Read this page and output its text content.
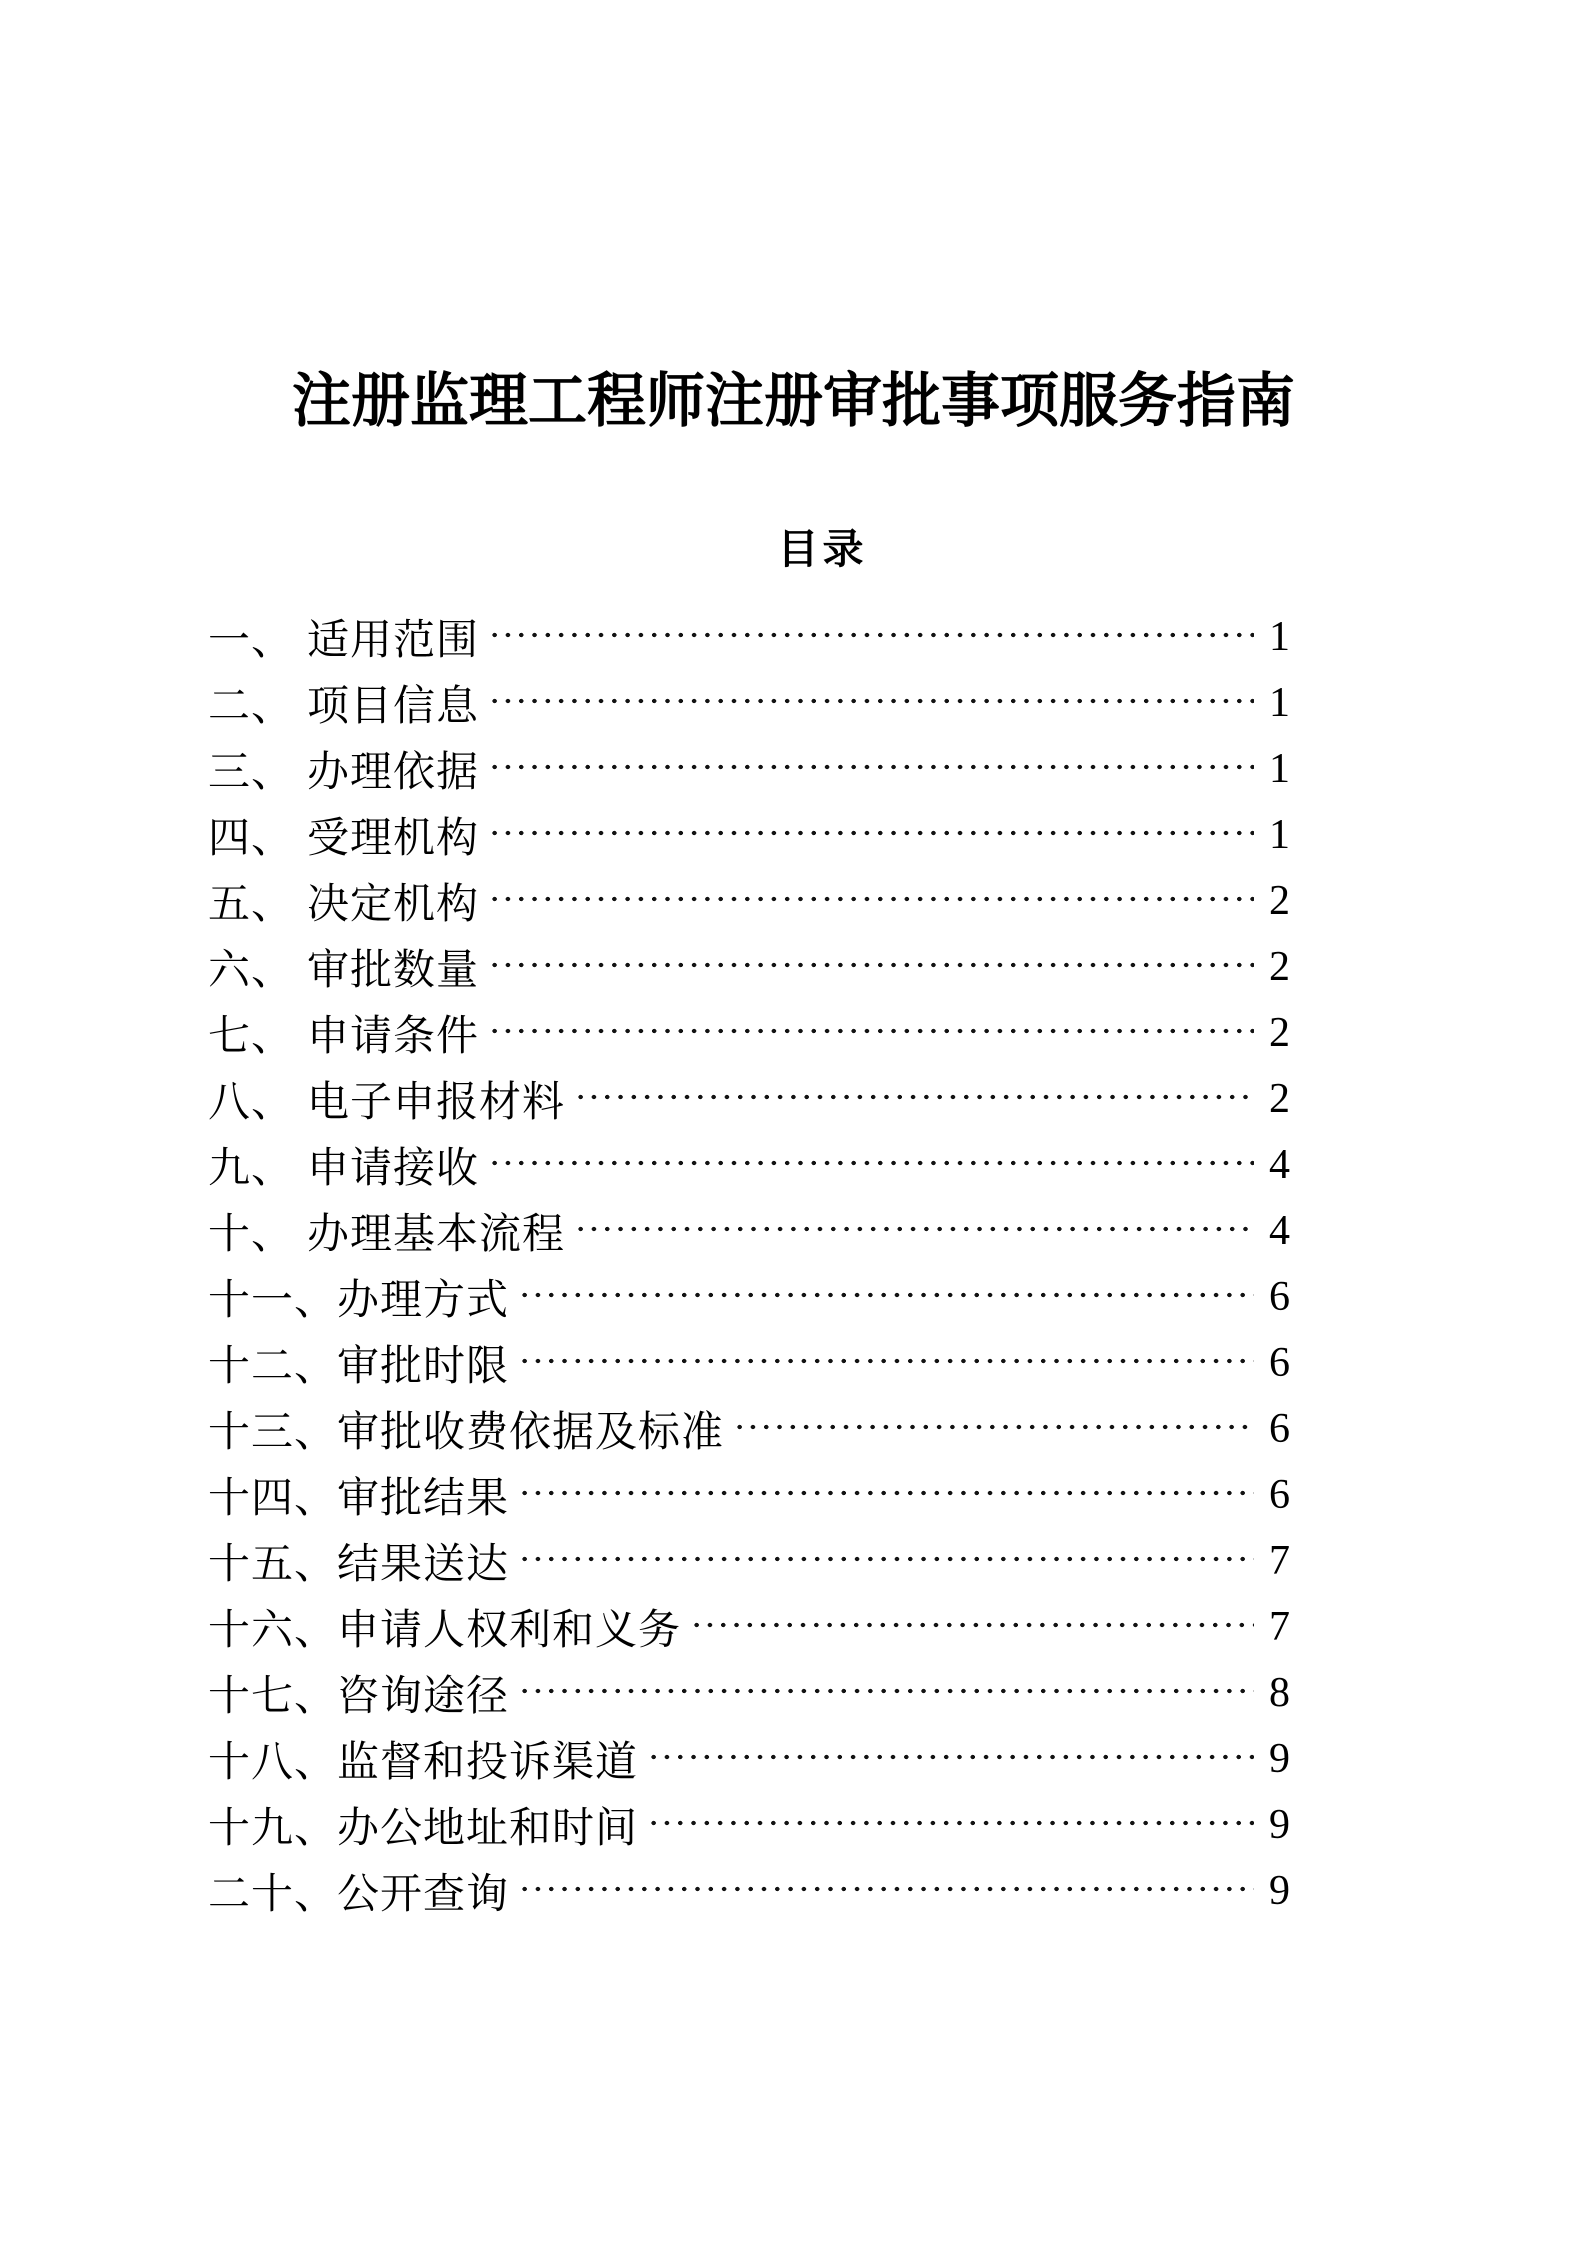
注册监理工程师注册审批事项服务指南
目录
一、 适用范围	1
二、 项目信息	1
三、 办理依据	1
四、 受理机构	1
五、 决定机构	2
六、 审批数量	2
七、 申请条件	2
八、 电子申报材料	2
九、 申请接收	4
十、 办理基本流程	4
十一、 办理方式	6
十二、 审批时限	6
十三、 审批收费依据及标准	6
十四、 审批结果	6
十五、 结果送达	7
十六、 申请人权利和义务	7
十七、 咨询途径	8
十八、 监督和投诉渠道	9
十九、 办公地址和时间	9
二十、 公开查询	9
